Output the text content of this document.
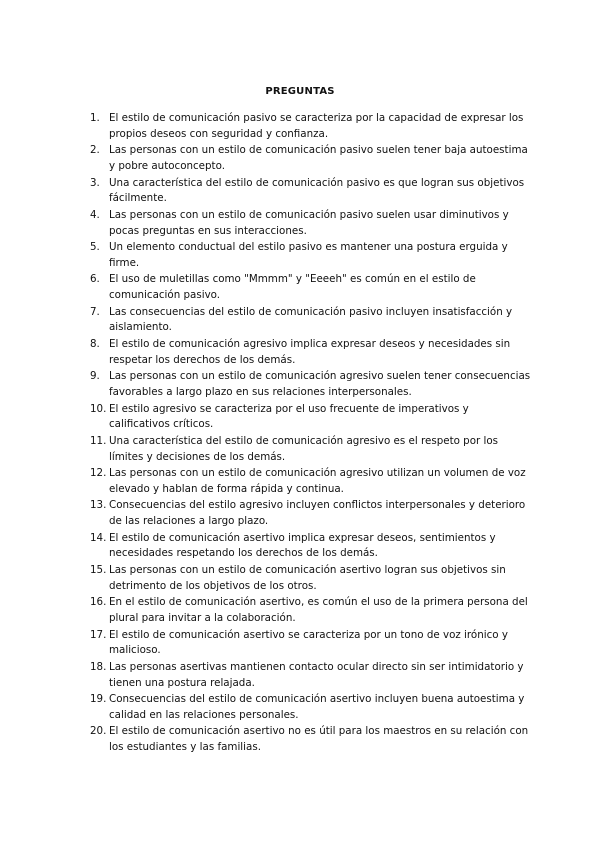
PREGUNTAS
1. El estilo de comunicación pasivo se caracteriza por la capacidad de expresar los propios deseos con seguridad y confianza.
2. Las personas con un estilo de comunicación pasivo suelen tener baja autoestima y pobre autoconcepto.
3. Una característica del estilo de comunicación pasivo es que logran sus objetivos fácilmente.
4. Las personas con un estilo de comunicación pasivo suelen usar diminutivos y pocas preguntas en sus interacciones.
5. Un elemento conductual del estilo pasivo es mantener una postura erguida y firme.
6. El uso de muletillas como "Mmmm" y "Eeeeh" es común en el estilo de comunicación pasivo.
7. Las consecuencias del estilo de comunicación pasivo incluyen insatisfacción y aislamiento.
8. El estilo de comunicación agresivo implica expresar deseos y necesidades sin respetar los derechos de los demás.
9. Las personas con un estilo de comunicación agresivo suelen tener consecuencias favorables a largo plazo en sus relaciones interpersonales.
10. El estilo agresivo se caracteriza por el uso frecuente de imperativos y calificativos críticos.
11. Una característica del estilo de comunicación agresivo es el respeto por los límites y decisiones de los demás.
12. Las personas con un estilo de comunicación agresivo utilizan un volumen de voz elevado y hablan de forma rápida y continua.
13. Consecuencias del estilo agresivo incluyen conflictos interpersonales y deterioro de las relaciones a largo plazo.
14. El estilo de comunicación asertivo implica expresar deseos, sentimientos y necesidades respetando los derechos de los demás.
15. Las personas con un estilo de comunicación asertivo logran sus objetivos sin detrimento de los objetivos de los otros.
16. En el estilo de comunicación asertivo, es común el uso de la primera persona del plural para invitar a la colaboración.
17. El estilo de comunicación asertivo se caracteriza por un tono de voz irónico y malicioso.
18. Las personas asertivas mantienen contacto ocular directo sin ser intimidatorio y tienen una postura relajada.
19. Consecuencias del estilo de comunicación asertivo incluyen buena autoestima y calidad en las relaciones personales.
20. El estilo de comunicación asertivo no es útil para los maestros en su relación con los estudiantes y las familias.
